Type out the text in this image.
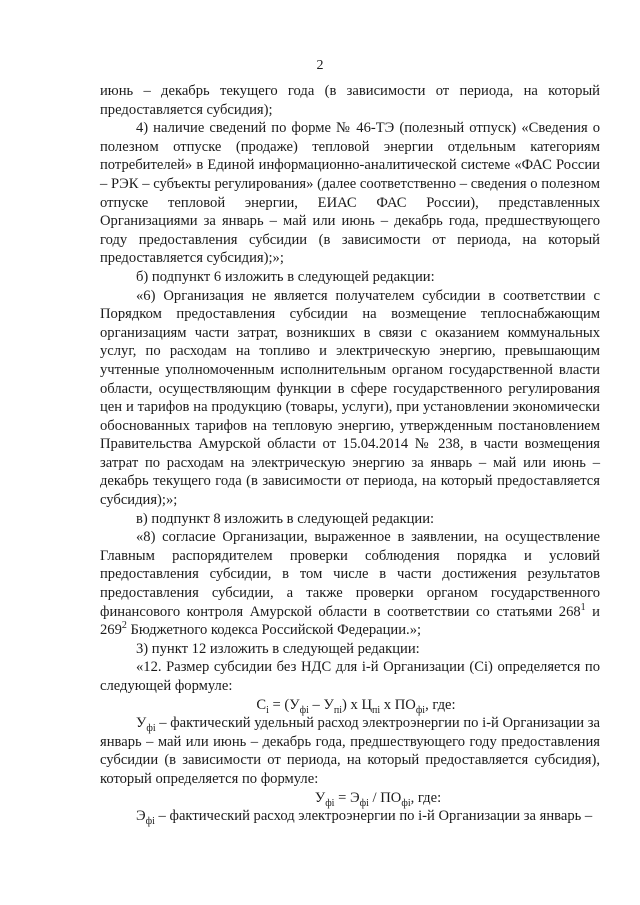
2

июнь – декабрь текущего года (в зависимости от периода, на который предоставляется субсидия);

4) наличие сведений по форме № 46-ТЭ (полезный отпуск) «Сведения о полезном отпуске (продаже) тепловой энергии отдельным категориям потребителей» в Единой информационно-аналитической системе «ФАС России – РЭК – субъекты регулирования» (далее соответственно – сведения о полезном отпуске тепловой энергии, ЕИАС ФАС России), представленных Организациями за январь – май или июнь – декабрь года, предшествующего году предоставления субсидии (в зависимости от периода, на который предоставляется субсидия);»;

б) подпункт 6 изложить в следующей редакции:

«6) Организация не является получателем субсидии в соответствии с Порядком предоставления субсидии на возмещение теплоснабжающим организациям части затрат, возникших в связи с оказанием коммунальных услуг, по расходам на топливо и электрическую энергию, превышающим учтенные уполномоченным исполнительным органом государственной власти области, осуществляющим функции в сфере государственного регулирования цен и тарифов на продукцию (товары, услуги), при установлении экономически обоснованных тарифов на тепловую энергию, утвержденным постановлением Правительства Амурской области от 15.04.2014 № 238, в части возмещения затрат по расходам на электрическую энергию за январь – май или июнь – декабрь текущего года (в зависимости от периода, на который предоставляется субсидия);»;

в) подпункт 8 изложить в следующей редакции:

«8) согласие Организации, выраженное в заявлении, на осуществление Главным распорядителем проверки соблюдения порядка и условий предоставления субсидии, в том числе в части достижения результатов предоставления субсидии, а также проверки органом государственного финансового контроля Амурской области в соответствии со статьями $268^1$ и $269^2$ Бюджетного кодекса Российской Федерации.»;

3) пункт 12 изложить в следующей редакции:

«12. Размер субсидии без НДС для i-й Организации (Сi) определяется по следующей формуле:

$С_i = (У_{фi} - У_{пi})$ х $Ц_{пi}$ х $ПО_{фi}$, где:

$У_{фi}$ – фактический удельный расход электроэнергии по i-й Организации за январь – май или июнь – декабрь года, предшествующего году предоставления субсидии (в зависимости от периода, на который предоставляется субсидия), который определяется по формуле:

$У_{фi} = Э_{фi} / ПО_{фi}$, где:

$Э_{фi}$ – фактический расход электроэнергии по i-й Организации за январь –
